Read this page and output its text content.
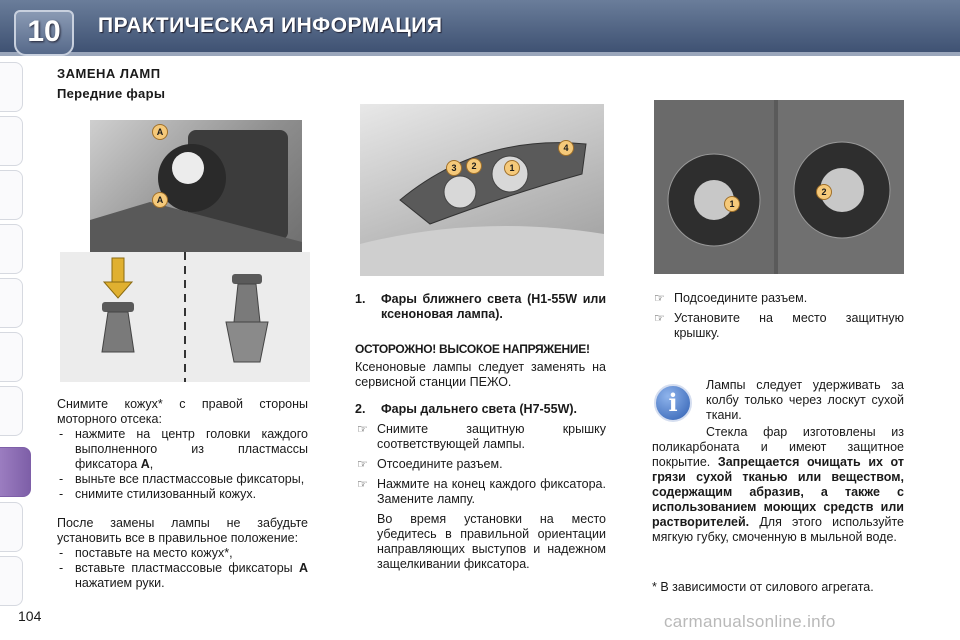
10	ПРАКТИЧЕСКАЯ ИНФОРМАЦИЯ
ЗАМЕНА ЛАМП
Передние фары
A
A

Снимите кожух* с правой стороны моторного отсека:

- нажмите на центр головки каждого выполненного из пластмассы фиксатора A,
- выньте все пластмассовые фиксаторы,
- снимите стилизованный кожух.

После замены лампы не забудьте установить все в правильное положение:

- поставьте на место кожух*,
- вставьте пластмассовые фиксаторы A нажатием руки.
3	2	1
4
1. Фары ближнего света (H1-55W или ксеноновая лампа).

ОСТОРОЖНО! ВЫСОКОЕ НАПРЯЖЕНИЕ!

Ксеноновые лампы следует заменять на сервисной станции ПЕЖО.

2. Фары дальнего света (H7-55W).
☞ Снимите защитную крышку соответствующей лампы.
☞ Отсоедините разъем.
☞ Нажмите на конец каждого фиксатора. Замените лампу.

Во время установки на место убедитесь в правильной ориентации направляющих выступов и надежном защелкивании фиксатора.

1
2
☞ Подсоедините разъем.
☞ Установите на место защитную крышку.
i
Лампы следует удерживать за колбу только через лоскут сухой ткани.

Стекла фар изготовлены из поликарбоната и имеют защитное покрытие. Запрещается очищать их от грязи сухой тканью или веществом, содержащим абразив, а также с использованием моющих средств или растворителей. Для этого используйте мягкую губку, смоченную в мыльной воде.

* В зависимости от силового агрегата.
104	carmanualsonline.info
